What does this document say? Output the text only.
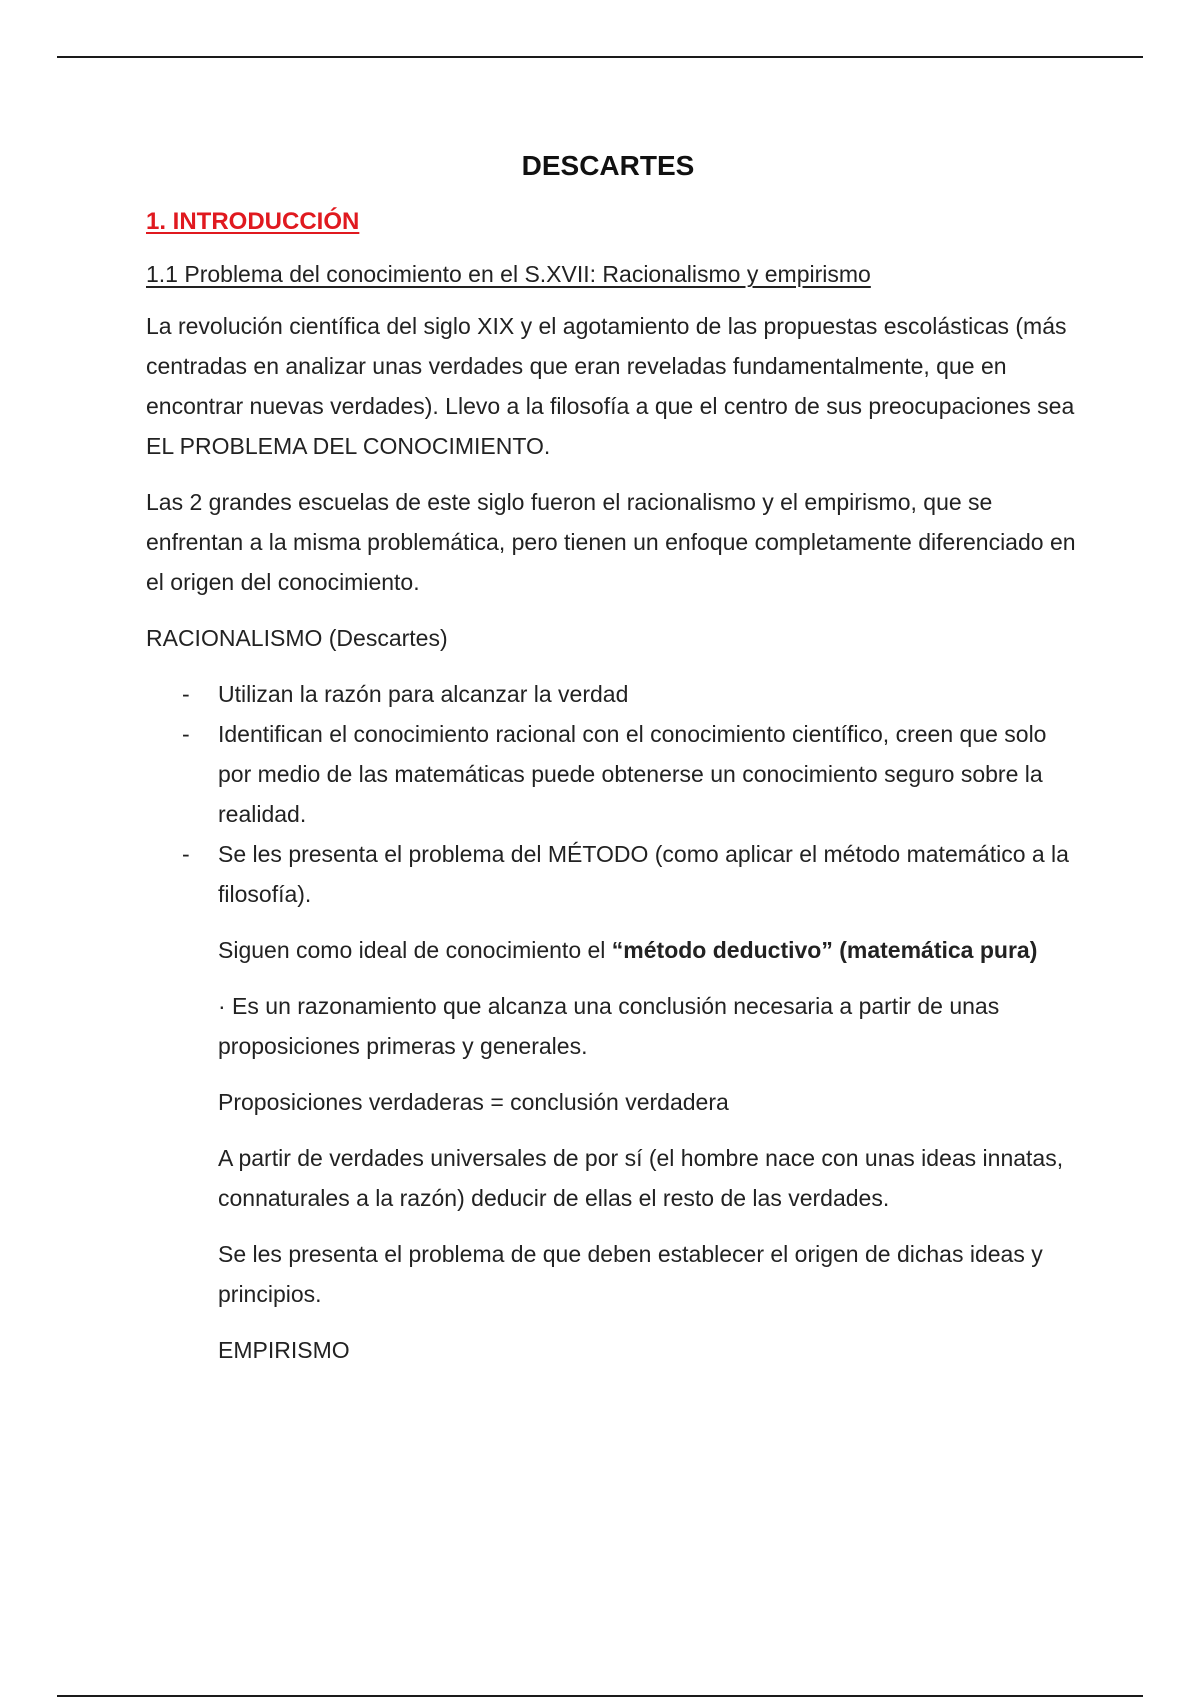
DESCARTES
1. INTRODUCCIÓN
1.1 Problema del conocimiento en el S.XVII: Racionalismo y empirismo

La revolución científica del siglo XIX y el agotamiento de las propuestas escolásticas (más centradas en analizar unas verdades que eran reveladas fundamentalmente, que en encontrar nuevas verdades). Llevo a la filosofía a que el centro de sus preocupaciones sea EL PROBLEMA DEL CONOCIMIENTO.

Las 2 grandes escuelas de este siglo fueron el racionalismo y el empirismo, que se enfrentan a la misma problemática, pero tienen un enfoque completamente diferenciado en el origen del conocimiento.

RACIONALISMO (Descartes)

- Utilizan la razón para alcanzar la verdad
- Identifican el conocimiento racional con el conocimiento científico, creen que solo por medio de las matemáticas puede obtenerse un conocimiento seguro sobre la realidad.
- Se les presenta el problema del MÉTODO (como aplicar el método matemático a la filosofía).

Siguen como ideal de conocimiento el “método deductivo” (matemática pura)

· Es un razonamiento que alcanza una conclusión necesaria a partir de unas proposiciones primeras y generales.

Proposiciones verdaderas = conclusión verdadera

A partir de verdades universales de por sí (el hombre nace con unas ideas innatas, connaturales a la razón) deducir de ellas el resto de las verdades.

Se les presenta el problema de que deben establecer el origen de dichas ideas y principios.

EMPIRISMO
